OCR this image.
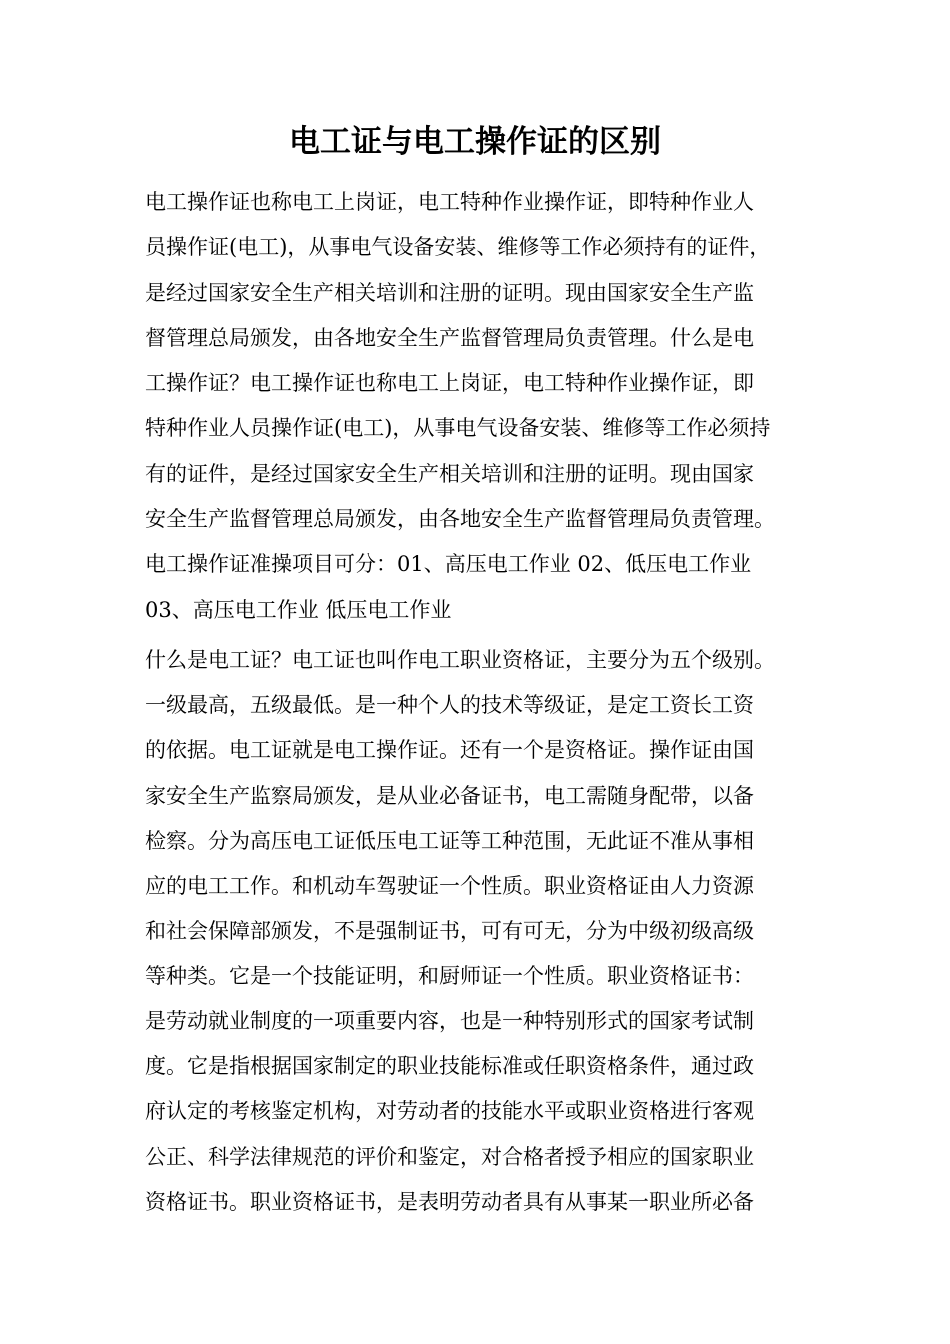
电工证与电工操作证的区别

电工操作证也称电工上岗证，电工特种作业操作证，即特种作业人

员操作证(电工)，从事电气设备安装、维修等工作必须持有的证件，

是经过国家安全生产相关培训和注册的证明。现由国家安全生产监

督管理总局颁发，由各地安全生产监督管理局负责管理。什么是电

工操作证？电工操作证也称电工上岗证，电工特种作业操作证，即

特种作业人员操作证(电工)，从事电气设备安装、维修等工作必须持

有的证件，是经过国家安全生产相关培训和注册的证明。现由国家

安全生产监督管理总局颁发，由各地安全生产监督管理局负责管理。

电工操作证准操项目可分：01、高压电工作业 02、低压电工作业

03、高压电工作业 低压电工作业

什么是电工证？电工证也叫作电工职业资格证，主要分为五个级别。

一级最高，五级最低。是一种个人的技术等级证，是定工资长工资

的依据。电工证就是电工操作证。还有一个是资格证。操作证由国

家安全生产监察局颁发，是从业必备证书，电工需随身配带，以备

检察。分为高压电工证低压电工证等工种范围，无此证不准从事相

应的电工工作。和机动车驾驶证一个性质。职业资格证由人力资源

和社会保障部颁发，不是强制证书，可有可无，分为中级初级高级

等种类。它是一个技能证明，和厨师证一个性质。职业资格证书：

是劳动就业制度的一项重要内容，也是一种特别形式的国家考试制

度。它是指根据国家制定的职业技能标准或任职资格条件，通过政

府认定的考核鉴定机构，对劳动者的技能水平或职业资格进行客观

公正、科学法律规范的评价和鉴定，对合格者授予相应的国家职业

资格证书。职业资格证书，是表明劳动者具有从事某一职业所必备
